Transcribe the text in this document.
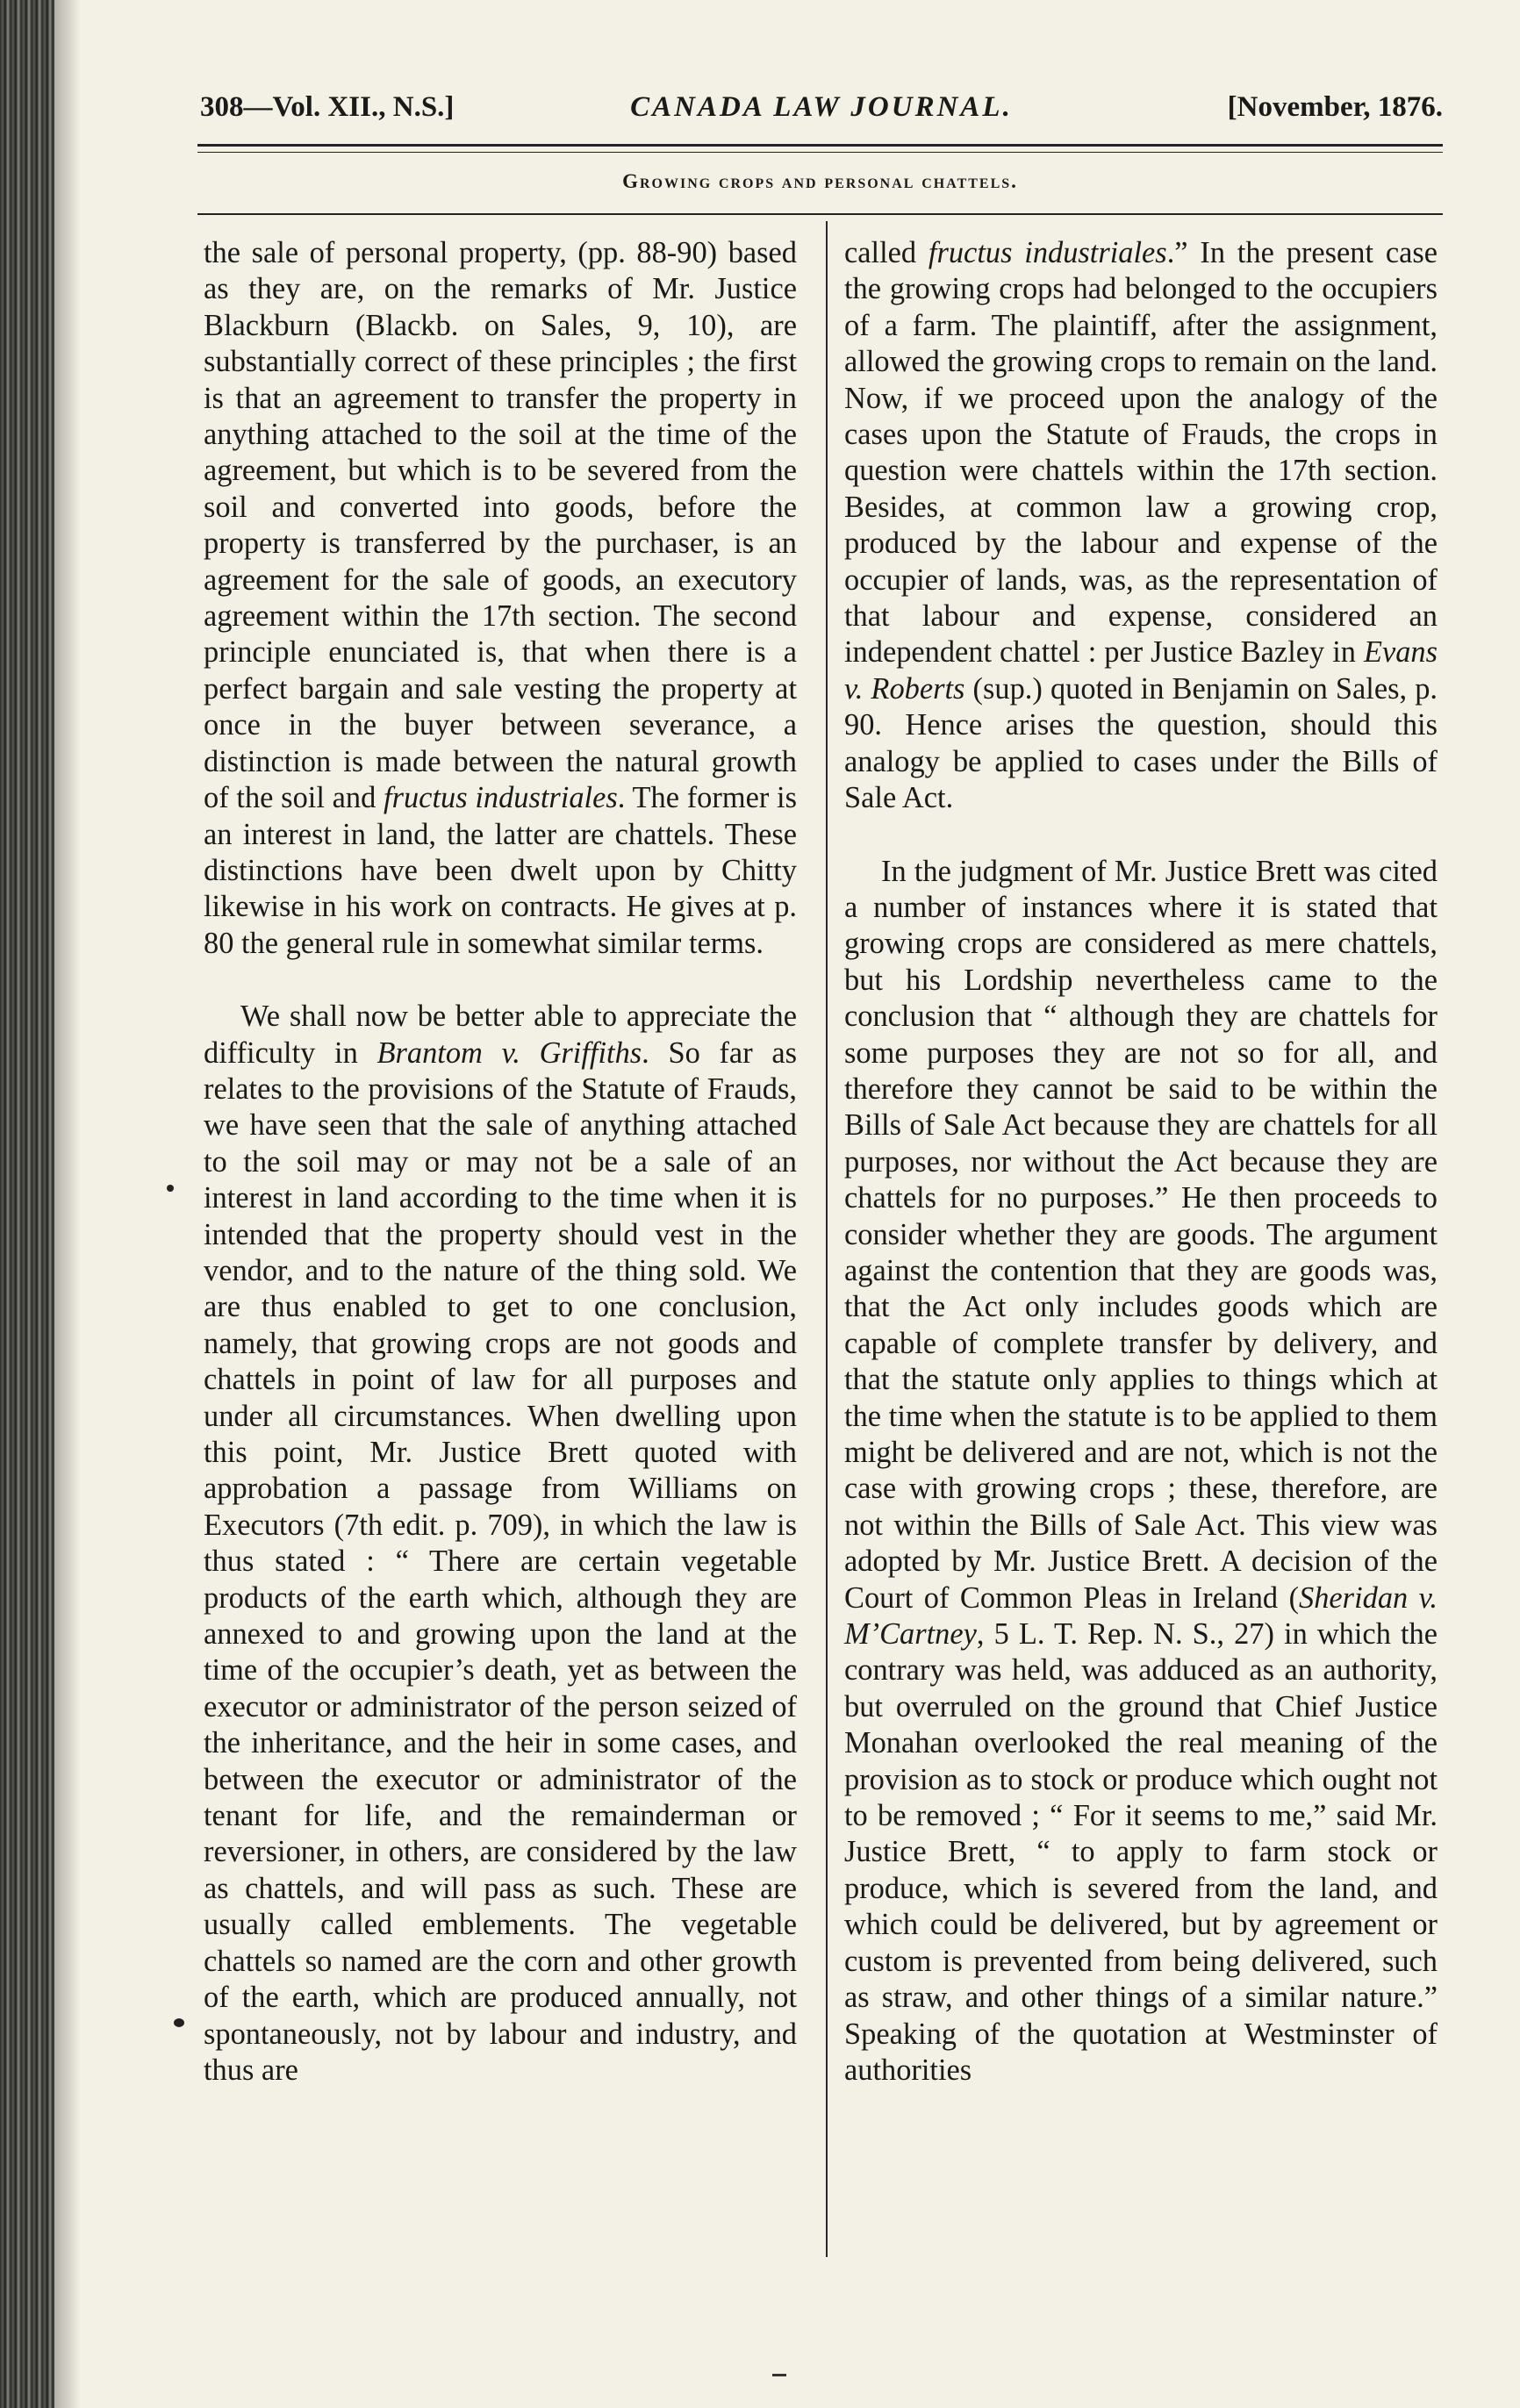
308—Vol. XII., N.S.]	CANADA LAW JOURNAL.	[November, 1876.
Growing crops and personal chattels.

the sale of personal property, (pp. 88-90) based as they are, on the remarks of Mr. Justice Blackburn (Blackb. on Sales, 9, 10), are substantially correct of these principles ; the first is that an agreement to transfer the property in anything attached to the soil at the time of the agreement, but which is to be severed from the soil and converted into goods, before the property is transferred by the purchaser, is an agreement for the sale of goods, an executory agreement within the 17th section. The second principle enunciated is, that when there is a perfect bargain and sale vesting the property at once in the buyer between severance, a distinction is made between the natural growth of the soil and fructus industriales. The former is an interest in land, the latter are chattels. These distinctions have been dwelt upon by Chitty likewise in his work on contracts. He gives at p. 80 the general rule in somewhat similar terms.

We shall now be better able to appreciate the difficulty in Brantom v. Griffiths. So far as relates to the provisions of the Statute of Frauds, we have seen that the sale of anything attached to the soil may or may not be a sale of an interest in land according to the time when it is intended that the property should vest in the vendor, and to the nature of the thing sold. We are thus enabled to get to one conclusion, namely, that growing crops are not goods and chattels in point of law for all purposes and under all circumstances. When dwelling upon this point, Mr. Justice Brett quoted with approbation a passage from Williams on Executors (7th edit. p. 709), in which the law is thus stated : “ There are certain vegetable products of the earth which, although they are annexed to and growing upon the land at the time of the occupier’s death, yet as between the executor or administrator of the person seized of the inheritance, and the heir in some cases, and between the executor or administrator of the tenant for life, and the remainderman or reversioner, in others, are considered by the law as chattels, and will pass as such. These are usually called emblements. The vegetable chattels so named are the corn and other growth of the earth, which are produced annually, not spontaneously, not by labour and industry, and thus are

called fructus industriales.” In the present case the growing crops had belonged to the occupiers of a farm. The plaintiff, after the assignment, allowed the growing crops to remain on the land. Now, if we proceed upon the analogy of the cases upon the Statute of Frauds, the crops in question were chattels within the 17th section. Besides, at common law a growing crop, produced by the labour and expense of the occupier of lands, was, as the representation of that labour and expense, considered an independent chattel : per Justice Bazley in Evans v. Roberts (sup.) quoted in Benjamin on Sales, p. 90. Hence arises the question, should this analogy be applied to cases under the Bills of Sale Act.

In the judgment of Mr. Justice Brett was cited a number of instances where it is stated that growing crops are considered as mere chattels, but his Lordship nevertheless came to the conclusion that “ although they are chattels for some purposes they are not so for all, and therefore they cannot be said to be within the Bills of Sale Act because they are chattels for all purposes, nor without the Act because they are chattels for no purposes.” He then proceeds to consider whether they are goods. The argument against the contention that they are goods was, that the Act only includes goods which are capable of complete transfer by delivery, and that the statute only applies to things which at the time when the statute is to be applied to them might be delivered and are not, which is not the case with growing crops ; these, therefore, are not within the Bills of Sale Act. This view was adopted by Mr. Justice Brett. A decision of the Court of Common Pleas in Ireland (Sheridan v. M’Cartney, 5 L. T. Rep. N. S., 27) in which the contrary was held, was adduced as an authority, but overruled on the ground that Chief Justice Monahan overlooked the real meaning of the provision as to stock or produce which ought not to be removed ; “ For it seems to me,” said Mr. Justice Brett, “ to apply to farm stock or produce, which is severed from the land, and which could be delivered, but by agreement or custom is prevented from being delivered, such as straw, and other things of a similar nature.” Speaking of the quotation at Westminster of authorities
